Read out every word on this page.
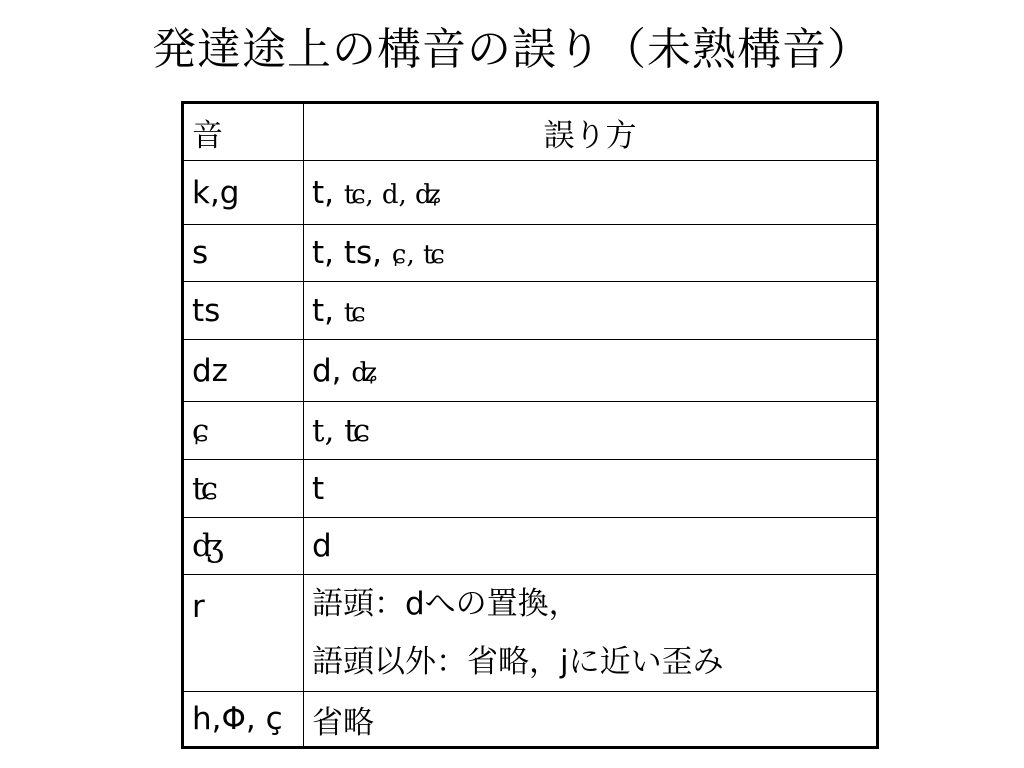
発達途上の構音の誤り（未熟構音）
音	誤り方
k,g	t, ʨ, d, ʥ
s	t, ts, ɕ, ʨ
ts	t, ʨ
dz	d, ʥ
ɕ	t, ʨ
ʨ	t
ʤ	d
r	語頭：dへの置換，
語頭以外：省略，jに近い歪み

h,Φ, ç	省略
